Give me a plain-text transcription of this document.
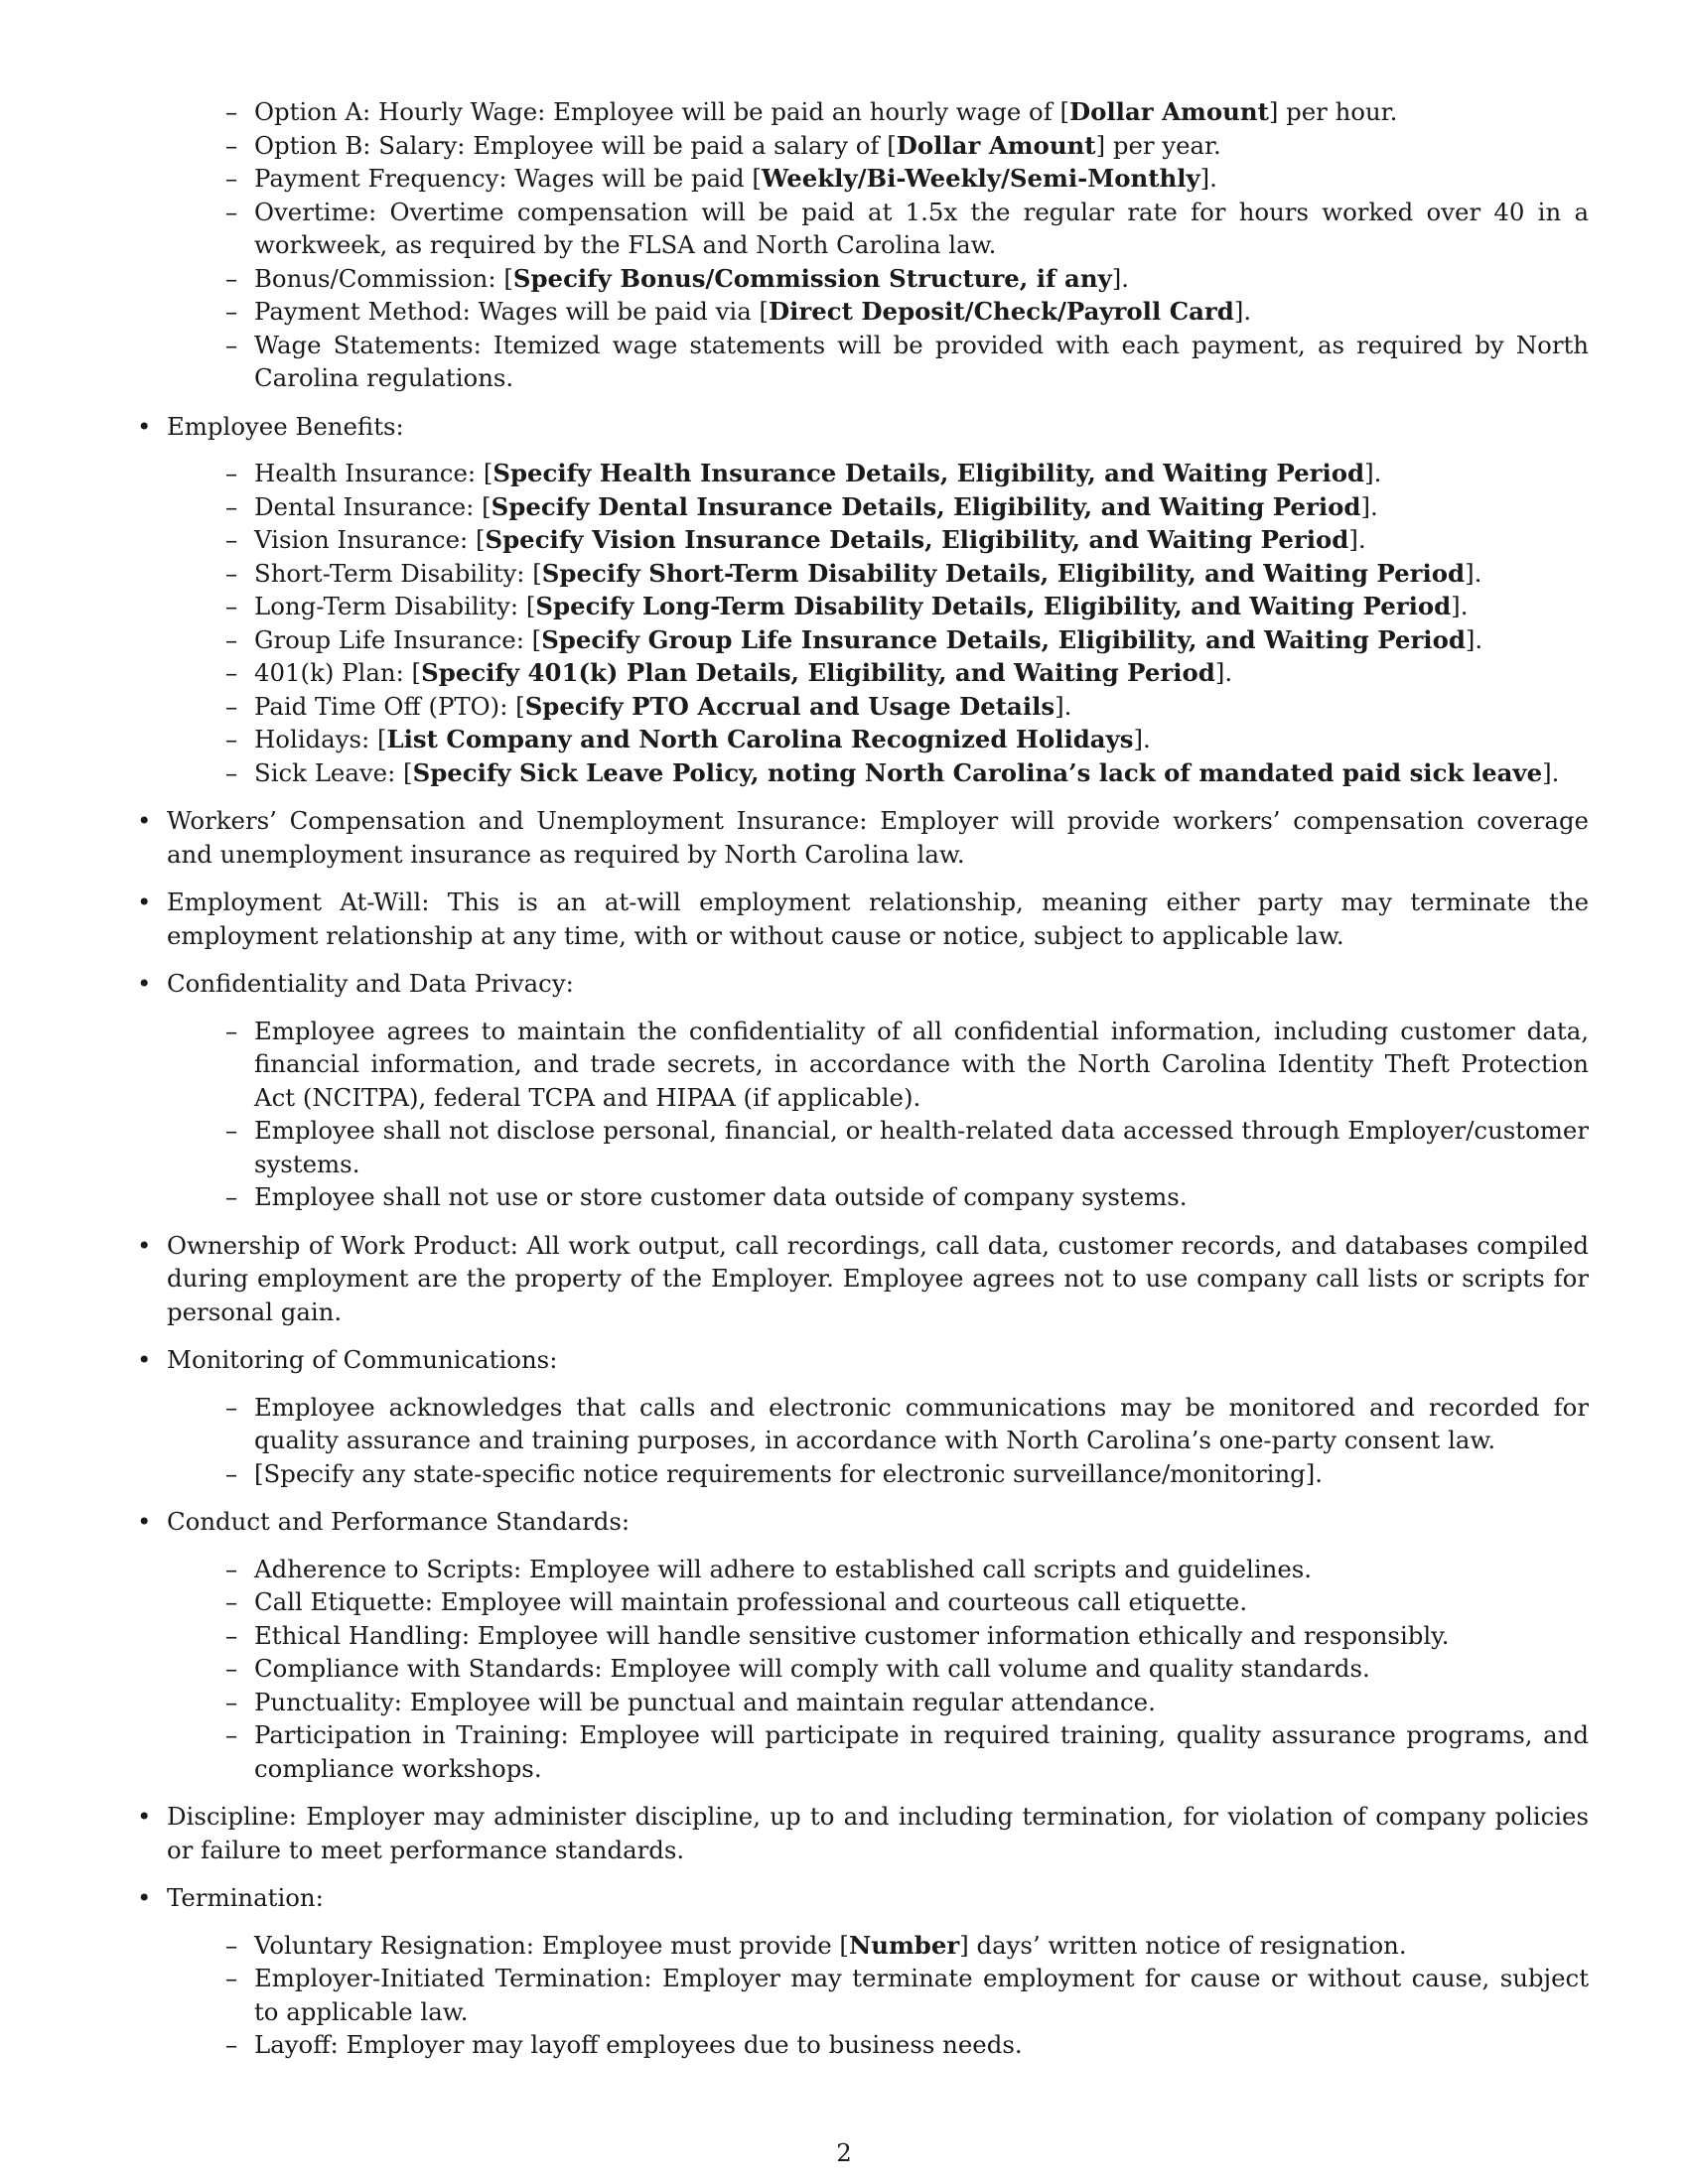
– Option A: Hourly Wage: Employee will be paid an hourly wage of [Dollar Amount] per hour.
– Option B: Salary: Employee will be paid a salary of [Dollar Amount] per year.
– Payment Frequency: Wages will be paid [Weekly/Bi-Weekly/Semi-Monthly].
– Overtime: Overtime compensation will be paid at 1.5x the regular rate for hours worked over 40 in a workweek, as required by the FLSA and North Carolina law.
– Bonus/Commission: [Specify Bonus/Commission Structure, if any].
– Payment Method: Wages will be paid via [Direct Deposit/Check/Payroll Card].
– Wage Statements: Itemized wage statements will be provided with each payment, as required by North Carolina regulations.
• Employee Benefits:
– Health Insurance: [Specify Health Insurance Details, Eligibility, and Waiting Period].
– Dental Insurance: [Specify Dental Insurance Details, Eligibility, and Waiting Period].
– Vision Insurance: [Specify Vision Insurance Details, Eligibility, and Waiting Period].
– Short-Term Disability: [Specify Short-Term Disability Details, Eligibility, and Waiting Period].
– Long-Term Disability: [Specify Long-Term Disability Details, Eligibility, and Waiting Period].
– Group Life Insurance: [Specify Group Life Insurance Details, Eligibility, and Waiting Period].
– 401(k) Plan: [Specify 401(k) Plan Details, Eligibility, and Waiting Period].
– Paid Time Off (PTO): [Specify PTO Accrual and Usage Details].
– Holidays: [List Company and North Carolina Recognized Holidays].
– Sick Leave: [Specify Sick Leave Policy, noting North Carolina’s lack of mandated paid sick leave].
• Workers’ Compensation and Unemployment Insurance: Employer will provide workers’ compensation coverage and unemployment insurance as required by North Carolina law.
• Employment At-Will: This is an at-will employment relationship, meaning either party may terminate the employment relationship at any time, with or without cause or notice, subject to applicable law.
• Confidentiality and Data Privacy:
– Employee agrees to maintain the confidentiality of all confidential information, including customer data, financial information, and trade secrets, in accordance with the North Carolina Identity Theft Protection Act (NCITPA), federal TCPA and HIPAA (if applicable).
– Employee shall not disclose personal, financial, or health-related data accessed through Employer/customer systems.
– Employee shall not use or store customer data outside of company systems.
• Ownership of Work Product: All work output, call recordings, call data, customer records, and databases compiled during employment are the property of the Employer. Employee agrees not to use company call lists or scripts for personal gain.
• Monitoring of Communications:
– Employee acknowledges that calls and electronic communications may be monitored and recorded for quality assurance and training purposes, in accordance with North Carolina’s one-party consent law.
– [Specify any state-specific notice requirements for electronic surveillance/monitoring].
• Conduct and Performance Standards:
– Adherence to Scripts: Employee will adhere to established call scripts and guidelines.
– Call Etiquette: Employee will maintain professional and courteous call etiquette.
– Ethical Handling: Employee will handle sensitive customer information ethically and responsibly.
– Compliance with Standards: Employee will comply with call volume and quality standards.
– Punctuality: Employee will be punctual and maintain regular attendance.
– Participation in Training: Employee will participate in required training, quality assurance programs, and compliance workshops.
• Discipline: Employer may administer discipline, up to and including termination, for violation of company policies or failure to meet performance standards.
• Termination:
– Voluntary Resignation: Employee must provide [Number] days’ written notice of resignation.
– Employer-Initiated Termination: Employer may terminate employment for cause or without cause, subject to applicable law.
– Layoff: Employer may layoff employees due to business needs.
2
